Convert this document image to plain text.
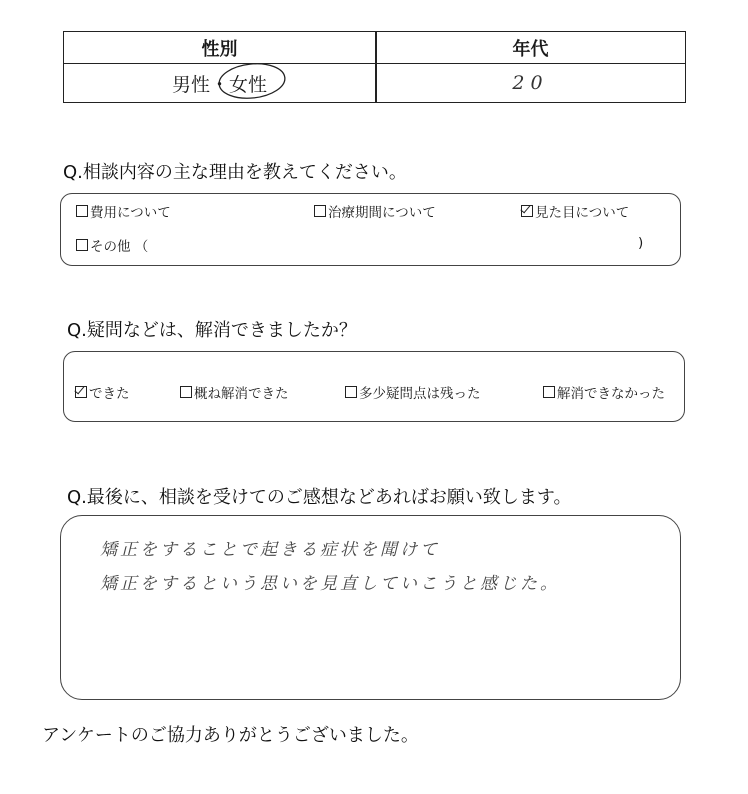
性別	年代
男性 ・ 女性	20
Q.相談内容の主な理由を教えてください。
費用について	治療期間について	見た目について
その他 （	)
Q.疑問などは、解消できましたか？
できた	概ね解消できた	多少疑問点は残った	解消できなかった
Q.最後に、相談を受けてのご感想などあればお願い致します。
矯正をすることで起きる症状を聞けて
矯正をするという思いを見直していこうと感じた。
アンケートのご協力ありがとうございました。
